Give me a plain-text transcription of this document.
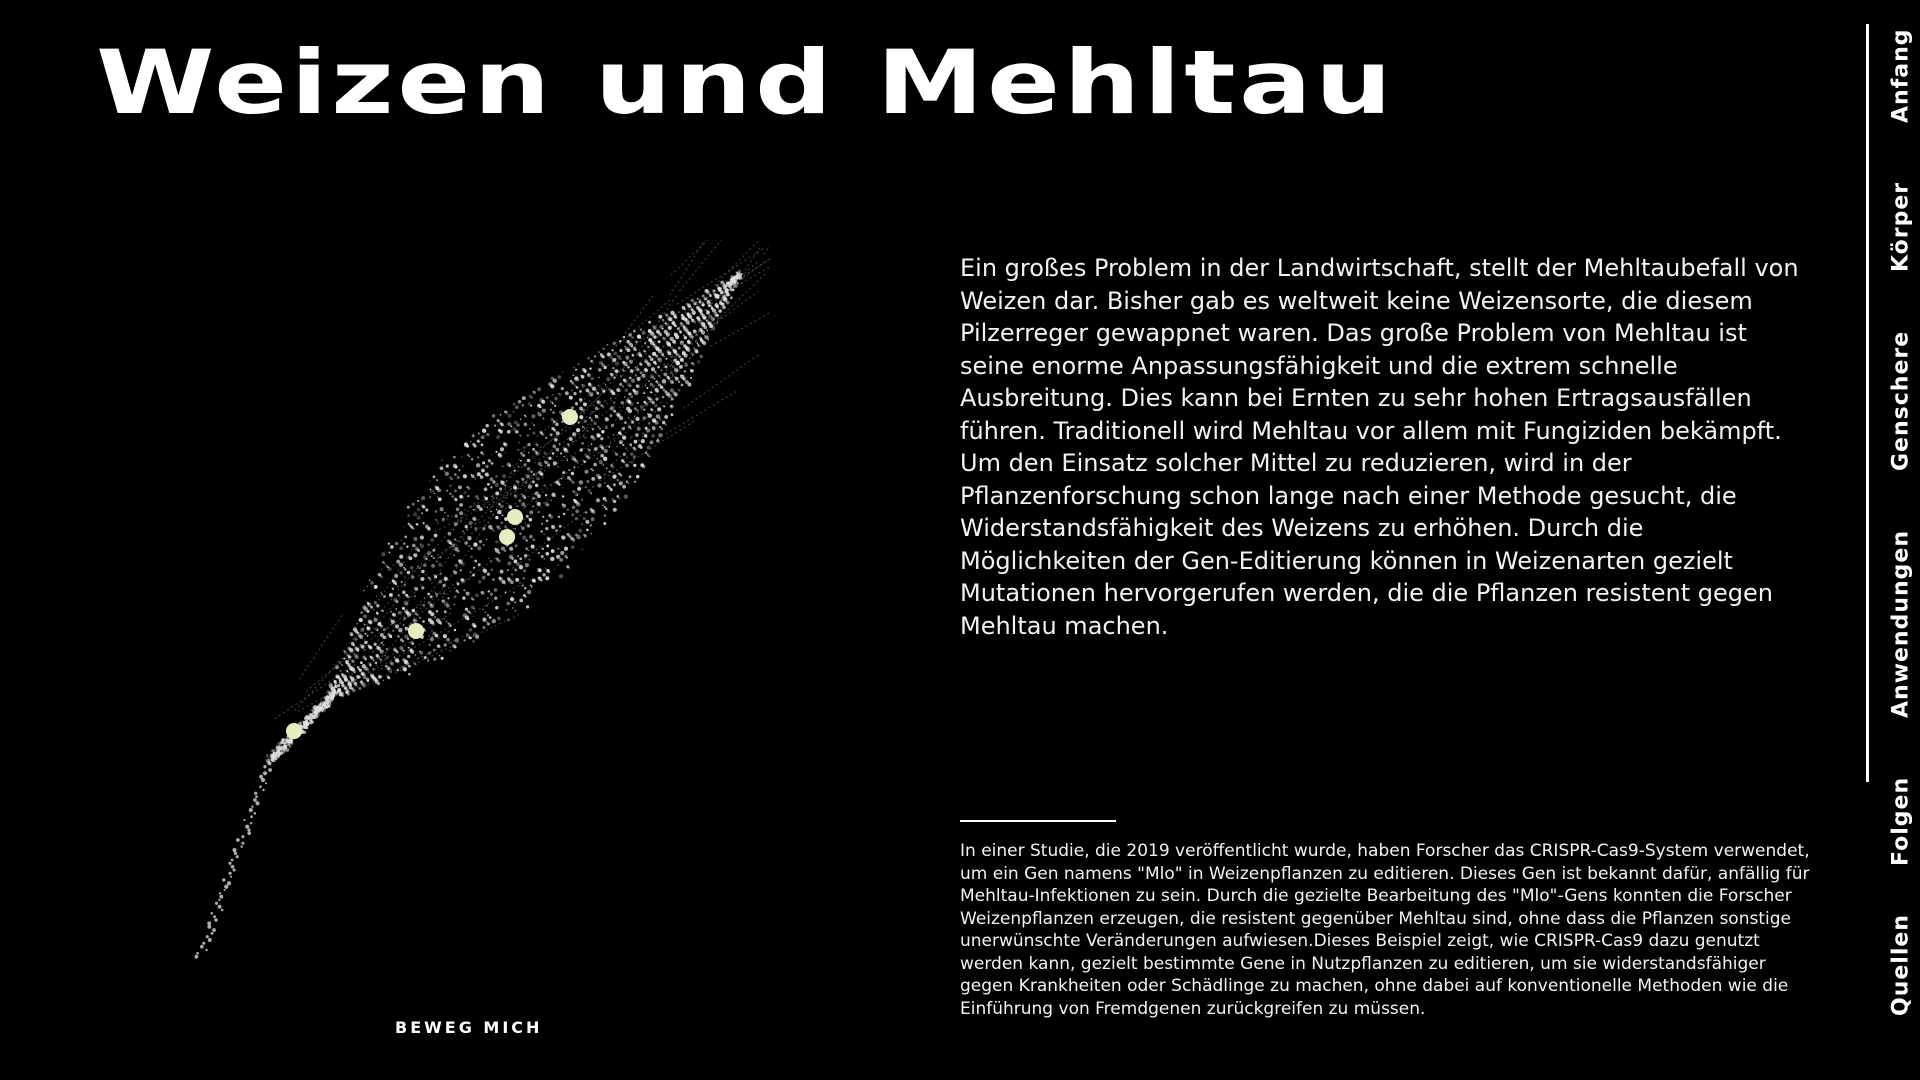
Weizen und Mehltau
BEWEG MICH

Ein großes Problem in der Landwirtschaft, stellt der Mehltaubefall von Weizen dar. Bisher gab es weltweit keine Weizensorte, die diesem Pilzerreger gewappnet waren. Das große Problem von Mehltau ist seine enorme Anpassungsfähigkeit und die extrem schnelle Ausbreitung. Dies kann bei Ernten zu sehr hohen Ertragsausfällen führen. Traditionell wird Mehltau vor allem mit Fungiziden bekämpft. Um den Einsatz solcher Mittel zu reduzieren, wird in der Pflanzenforschung schon lange nach einer Methode gesucht, die Widerstandsfähigkeit des Weizens zu erhöhen. Durch die Möglichkeiten der Gen-Editierung können in Weizenarten gezielt Mutationen hervorgerufen werden, die die Pflanzen resistent gegen Mehltau machen.

In einer Studie, die 2019 veröffentlicht wurde, haben Forscher das CRISPR-Cas9-System verwendet, um ein Gen namens "Mlo" in Weizenpflanzen zu editieren. Dieses Gen ist bekannt dafür, anfällig für Mehltau-Infektionen zu sein. Durch die gezielte Bearbeitung des "Mlo"-Gens konnten die Forscher Weizenpflanzen erzeugen, die resistent gegenüber Mehltau sind, ohne dass die Pflanzen sonstige unerwünschte Veränderungen aufwiesen.Dieses Beispiel zeigt, wie CRISPR-Cas9 dazu genutzt werden kann, gezielt bestimmte Gene in Nutzpflanzen zu editieren, um sie widerstandsfähiger gegen Krankheiten oder Schädlinge zu machen, ohne dabei auf konventionelle Methoden wie die Einführung von Fremdgenen zurückgreifen zu müssen.

Anfang
Körper
Genschere
Anwendungen
Folgen
Quellen
